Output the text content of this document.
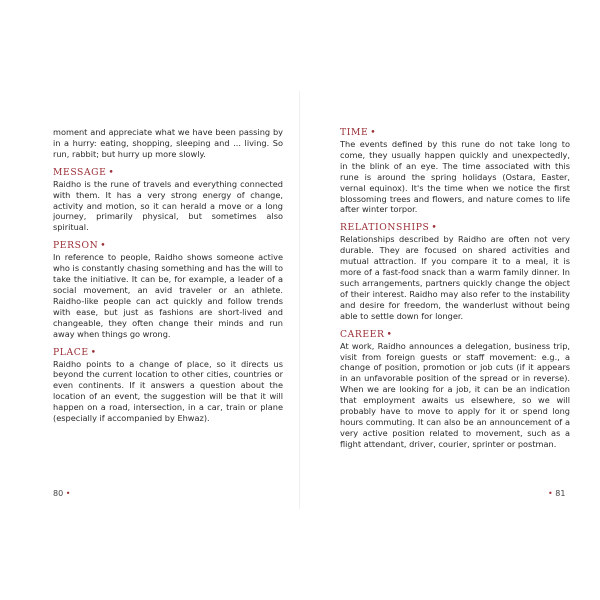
moment and appreciate what we have been passing by in a hurry: eating, shopping, sleeping and ... living. So run, rabbit; but hurry up more slowly.

MESSAGE •

Raidho is the rune of travels and everything connected with them. It has a very strong energy of change, activity and motion, so it can herald a move or a long journey, primarily physical, but sometimes also spiritual.

PERSON •

In reference to people, Raidho shows someone active who is constantly chasing something and has the will to take the initiative. It can be, for example, a leader of a social movement, an avid traveler or an athlete. Raidho-like people can act quickly and follow trends with ease, but just as fashions are short-lived and changeable, they often change their minds and run away when things go wrong.

PLACE •

Raidho points to a change of place, so it directs us beyond the current location to other cities, countries or even continents. If it answers a question about the location of an event, the suggestion will be that it will happen on a road, intersection, in a car, train or plane (especially if accompanied by Ehwaz).

80 •
TIME •

The events defined by this rune do not take long to come, they usually happen quickly and unexpectedly, in the blink of an eye. The time associated with this rune is around the spring holidays (Ostara, Easter, vernal equinox). It's the time when we notice the first blossoming trees and flowers, and nature comes to life after winter torpor.

RELATIONSHIPS •

Relationships described by Raidho are often not very durable. They are focused on shared activities and mutual attraction. If you compare it to a meal, it is more of a fast-food snack than a warm family dinner. In such arrangements, partners quickly change the object of their interest. Raidho may also refer to the instability and desire for freedom, the wanderlust without being able to settle down for longer.

CAREER •

At work, Raidho announces a delegation, business trip, visit from foreign guests or staff movement: e.g., a change of position, promotion or job cuts (if it appears in an unfavorable position of the spread or in reverse). When we are looking for a job, it can be an indication that employment awaits us elsewhere, so we will probably have to move to apply for it or spend long hours commuting. It can also be an announcement of a very active position related to movement, such as a flight attendant, driver, courier, sprinter or postman.

• 81
